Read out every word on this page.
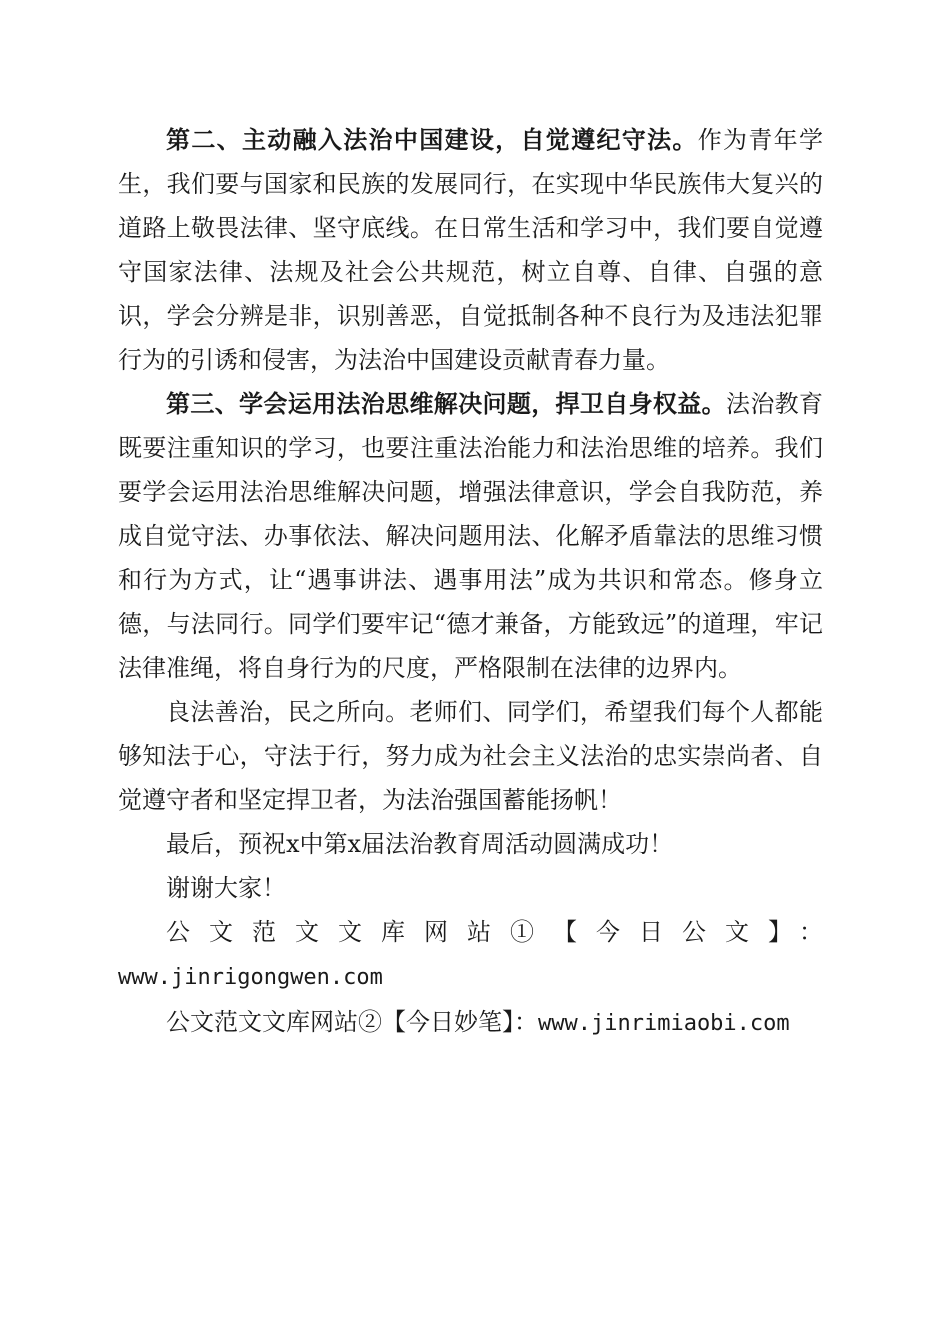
第二、主动融入法治中国建设，自觉遵纪守法。作为青年学生，我们要与国家和民族的发展同行，在实现中华民族伟大复兴的道路上敬畏法律、坚守底线。在日常生活和学习中，我们要自觉遵守国家法律、法规及社会公共规范，树立自尊、自律、自强的意识，学会分辨是非，识别善恶，自觉抵制各种不良行为及违法犯罪行为的引诱和侵害，为法治中国建设贡献青春力量。

第三、学会运用法治思维解决问题，捍卫自身权益。法治教育既要注重知识的学习，也要注重法治能力和法治思维的培养。我们要学会运用法治思维解决问题，增强法律意识，学会自我防范，养成自觉守法、办事依法、解决问题用法、化解矛盾靠法的思维习惯和行为方式，让“遇事讲法、遇事用法”成为共识和常态。修身立德，与法同行。同学们要牢记“德才兼备，方能致远”的道理，牢记法律准绳，将自身行为的尺度，严格限制在法律的边界内。

良法善治，民之所向。老师们、同学们，希望我们每个人都能够知法于心，守法于行，努力成为社会主义法治的忠实崇尚者、自觉遵守者和坚定捍卫者，为法治强国蓄能扬帆！

最后，预祝x中第x届法治教育周活动圆满成功！

谢谢大家！

公文范文文库网站①【今日公文】：

www.jinrigongwen.com

公文范文文库网站②【今日妙笔】：www.jinrimiaobi.com
